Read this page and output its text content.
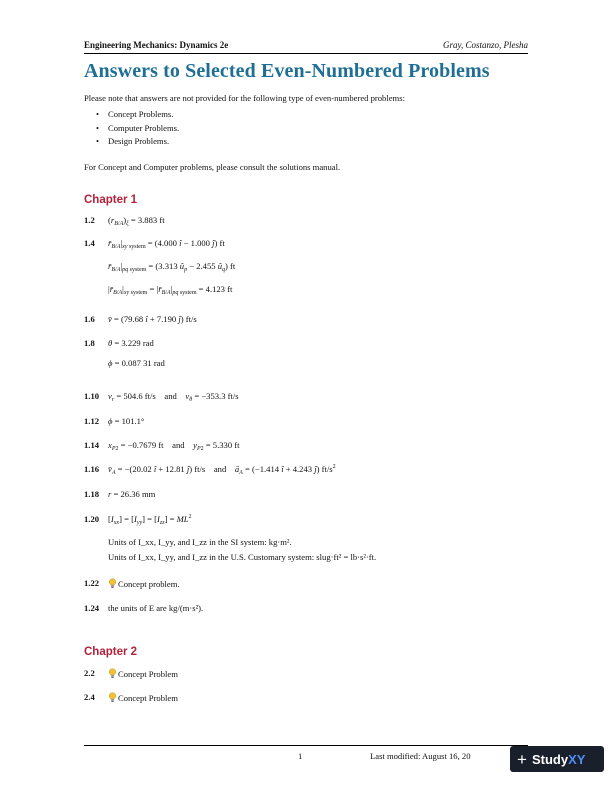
Engineering Mechanics: Dynamics 2e	Gray, Costanzo, Plesha
Answers to Selected Even-Numbered Problems
Please note that answers are not provided for the following type of even-numbered problems:
• Concept Problems.
• Computer Problems.
• Design Problems.
For Concept and Computer problems, please consult the solutions manual.
Chapter 1
1.2 $(r_{B/A})_\xi = 3.883$ ft
1.4 $r̄_{B/A}|_{xy system} = (4.000$ î − 1.000 ĵ) ft
$r̄_{B/A}|_{pq system} = (3.313$ $û_p - 2.455$ $û_q$) ft
$|r̄_{B/A}|_{xy system}$ = $|r̄_{B/A}|_{pq system} = 4.123$ ft
1.6 v̄ = (79.68 î + 7.190 ĵ) ft/s
1.8 θ = 3.229 rad
ϕ = 0.087 31 rad
1.10 $v_r = 504.6$ ft/s    and $v_\theta = -353.3$ ft/s
1.12 ϕ = 101.1°
1.14 $x_{P2} = -0.7679$ ft    and $y_{P2} = 5.330$ ft
1.16 $v̄_A = -(20.02$ î + 12.81 ĵ) ft/s    and $ā_A = (-1.414$ î + 4.243 ĵ) $ft/s^2$
1.18 r = 26.36 mm
1.20 $[I_{xx}] = [I_{yy}] = [I_{zz}] = ML^2$
Units of I_xx, I_yy, and I_zz in the SI system: kg·m².
Units of I_xx, I_yy, and I_zz in the U.S. Customary system: slug·ft² = lb·s²·ft.
1.22	Concept problem.
1.24 the units of E are kg/(m·s²).
Chapter 2
2.2	Concept Problem
2.4	Concept Problem
1	Last modified: August 16, 20	+ StudyXY
